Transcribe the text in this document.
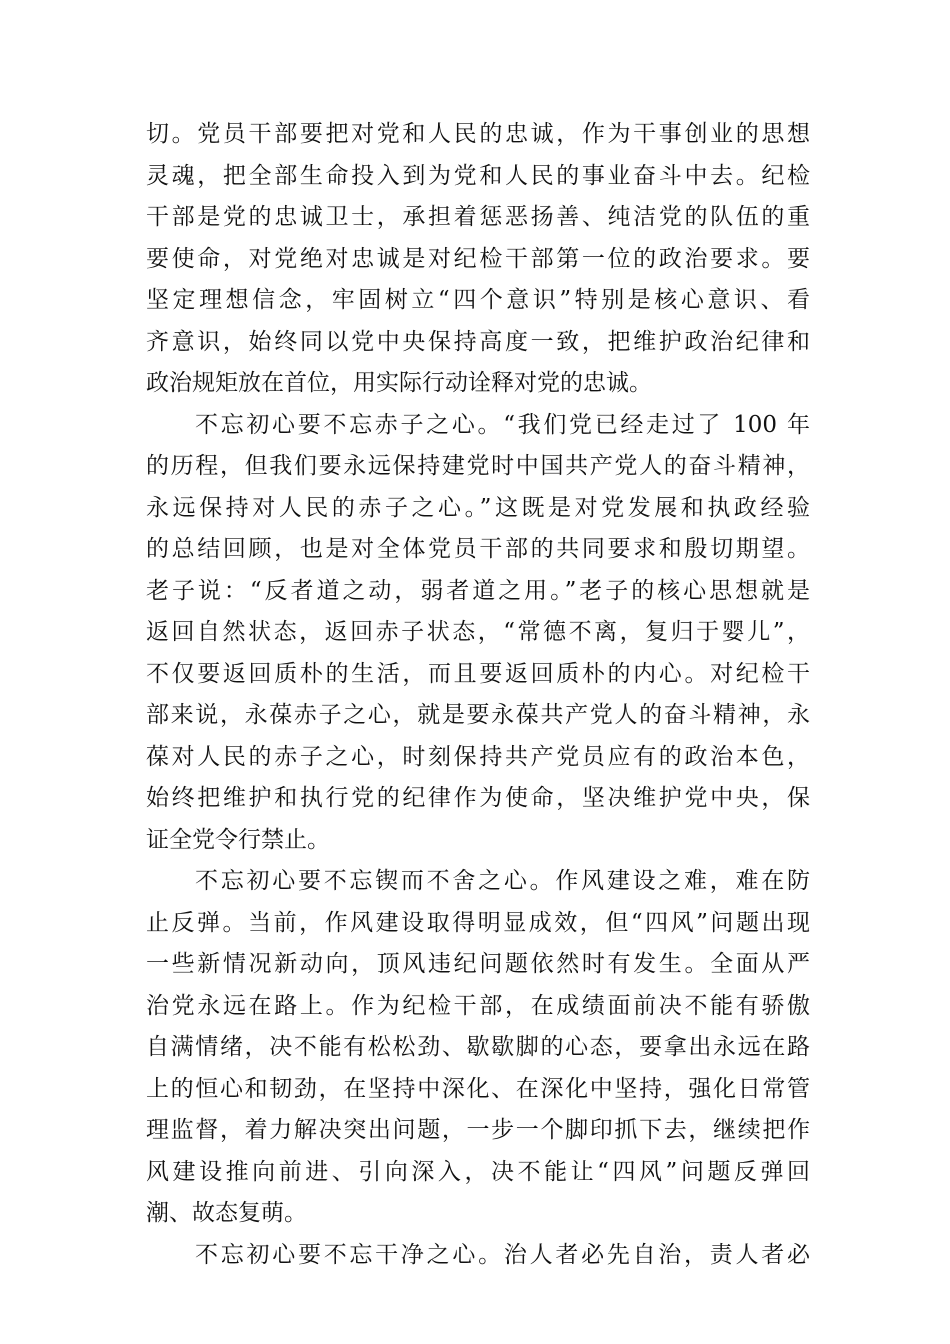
切。党员干部要把对党和人民的忠诚，作为干事创业的思想
灵魂，把全部生命投入到为党和人民的事业奋斗中去。纪检
干部是党的忠诚卫士，承担着惩恶扬善、纯洁党的队伍的重
要使命，对党绝对忠诚是对纪检干部第一位的政治要求。要
坚定理想信念，牢固树立“四个意识”特别是核心意识、看
齐意识，始终同以党中央保持高度一致，把维护政治纪律和
政治规矩放在首位，用实际行动诠释对党的忠诚。
不忘初心要不忘赤子之心。“我们党已经走过了 100 年
的历程，但我们要永远保持建党时中国共产党人的奋斗精神，
永远保持对人民的赤子之心。”这既是对党发展和执政经验
的总结回顾，也是对全体党员干部的共同要求和殷切期望。
老子说：“反者道之动，弱者道之用。”老子的核心思想就是
返回自然状态，返回赤子状态，“常德不离，复归于婴儿”，
不仅要返回质朴的生活，而且要返回质朴的内心。对纪检干
部来说，永葆赤子之心，就是要永葆共产党人的奋斗精神，永
葆对人民的赤子之心，时刻保持共产党员应有的政治本色，
始终把维护和执行党的纪律作为使命，坚决维护党中央，保
证全党令行禁止。
不忘初心要不忘锲而不舍之心。作风建设之难，难在防
止反弹。当前，作风建设取得明显成效，但“四风”问题出现
一些新情况新动向，顶风违纪问题依然时有发生。全面从严
治党永远在路上。作为纪检干部，在成绩面前决不能有骄傲
自满情绪，决不能有松松劲、歇歇脚的心态，要拿出永远在路
上的恒心和韧劲，在坚持中深化、在深化中坚持，强化日常管
理监督，着力解决突出问题，一步一个脚印抓下去，继续把作
风建设推向前进、引向深入，决不能让“四风”问题反弹回
潮、故态复萌。
不忘初心要不忘干净之心。治人者必先自治，责人者必
